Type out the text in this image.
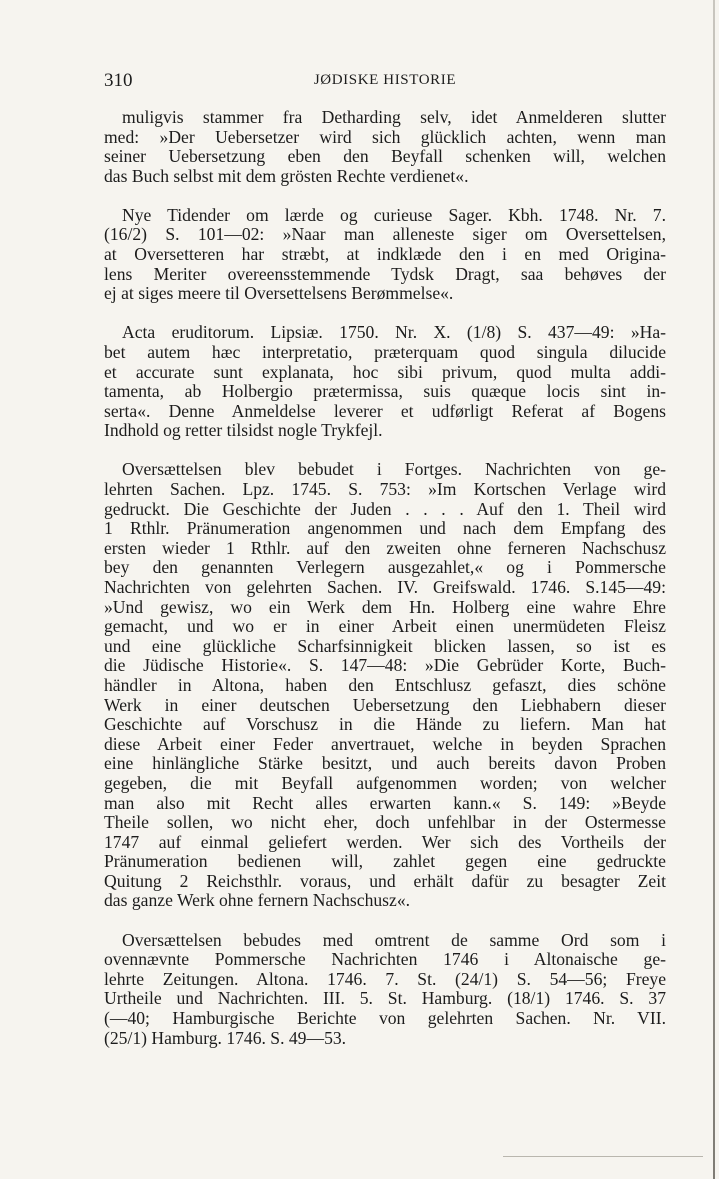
310	JØDISKE HISTORIE

muligvis stammer fra Detharding selv, idet Anmelderen slutter
med: »Der Uebersetzer wird sich glücklich achten, wenn man
seiner Uebersetzung eben den Beyfall schenken will, welchen
das Buch selbst mit dem grösten Rechte verdienet«.

Nye Tidender om lærde og curieuse Sager. Kbh. 1748. Nr. 7.
(16/2) S. 101—02: »Naar man alleneste siger om Oversettelsen,
at Oversetteren har stræbt, at indklæde den i en med Origina-
lens Meriter overeensstemmende Tydsk Dragt, saa behøves der
ej at siges meere til Oversettelsens Berømmelse«.

Acta eruditorum. Lipsiæ. 1750. Nr. X. (1/8) S. 437—49: »Ha-
bet autem hæc interpretatio, præterquam quod singula dilucide
et accurate sunt explanata, hoc sibi privum, quod multa addi-
tamenta, ab Holbergio prætermissa, suis quæque locis sint in-
serta«. Denne Anmeldelse leverer et udførligt Referat af Bogens
Indhold og retter tilsidst nogle Trykfejl.

Oversættelsen blev bebudet i Fortges. Nachrichten von ge-
lehrten Sachen. Lpz. 1745. S. 753: »Im Kortschen Verlage wird
gedruckt. Die Geschichte der Juden . . . . Auf den 1. Theil wird
1 Rthlr. Pränumeration angenommen und nach dem Empfang des
ersten wieder 1 Rthlr. auf den zweiten ohne ferneren Nachschusz
bey den genannten Verlegern ausgezahlet,« og i Pommersche
Nachrichten von gelehrten Sachen. IV. Greifswald. 1746. S.145—49:
»Und gewisz, wo ein Werk dem Hn. Holberg eine wahre Ehre
gemacht, und wo er in einer Arbeit einen unermüdeten Fleisz
und eine glückliche Scharfsinnigkeit blicken lassen, so ist es
die Jüdische Historie«. S. 147—48: »Die Gebrüder Korte, Buch-
händler in Altona, haben den Entschlusz gefaszt, dies schöne
Werk in einer deutschen Uebersetzung den Liebhabern dieser
Geschichte auf Vorschusz in die Hände zu liefern. Man hat
diese Arbeit einer Feder anvertrauet, welche in beyden Sprachen
eine hinlängliche Stärke besitzt, und auch bereits davon Proben
gegeben, die mit Beyfall aufgenommen worden; von welcher
man also mit Recht alles erwarten kann.« S. 149: »Beyde
Theile sollen, wo nicht eher, doch unfehlbar in der Ostermesse
1747 auf einmal geliefert werden. Wer sich des Vortheils der
Pränumeration bedienen will, zahlet gegen eine gedruckte
Quitung 2 Reichsthlr. voraus, und erhält dafür zu besagter Zeit
das ganze Werk ohne fernern Nachschusz«.

Oversættelsen bebudes med omtrent de samme Ord som i
ovennævnte Pommersche Nachrichten 1746 i Altonaische ge-
lehrte Zeitungen. Altona. 1746. 7. St. (24/1) S. 54—56; Freye
Urtheile und Nachrichten. III. 5. St. Hamburg. (18/1) 1746. S. 37
(—40; Hamburgische Berichte von gelehrten Sachen. Nr. VII.
(25/1) Hamburg. 1746. S. 49—53.
